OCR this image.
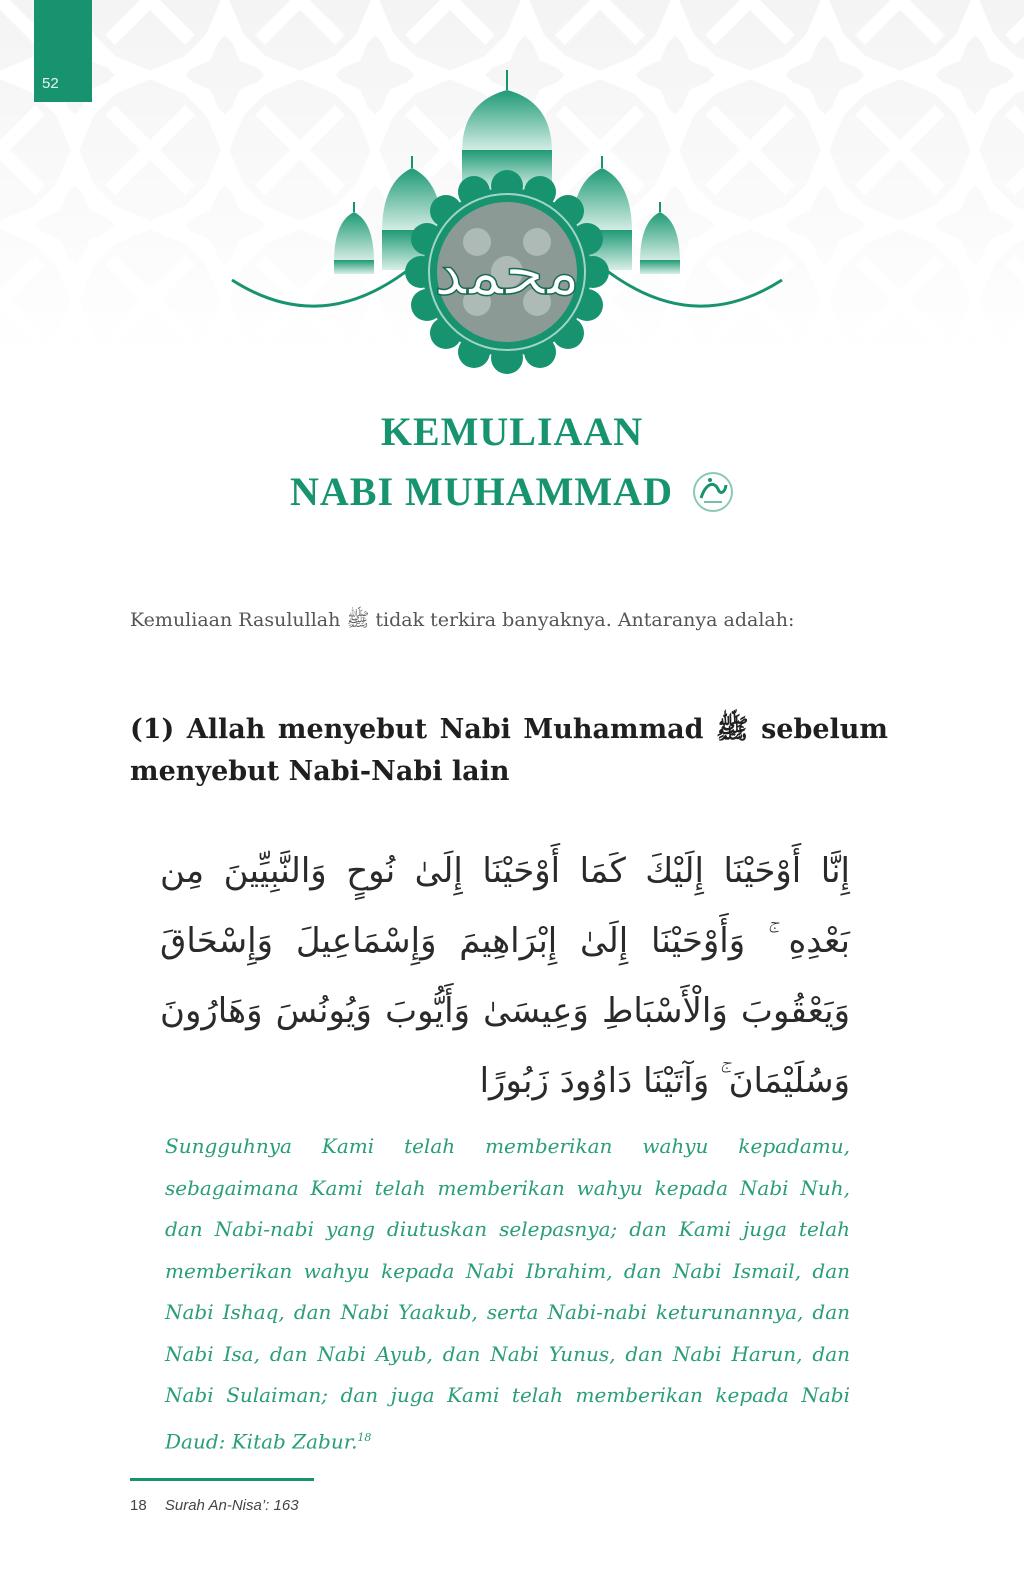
52
محمد
KEMULIAAN
NABI MUHAMMAD

Kemuliaan Rasulullah ﷺ tidak terkira banyaknya. Antaranya adalah:

(1) Allah menyebut Nabi Muhammad ﷺ sebelum menyebut Nabi-Nabi lain

إِنَّا أَوْحَيْنَا إِلَيْكَ كَمَا أَوْحَيْنَا إِلَىٰ نُوحٍ وَالنَّبِيِّينَ مِن بَعْدِهِ ۚ وَأَوْحَيْنَا إِلَىٰ إِبْرَاهِيمَ وَإِسْمَاعِيلَ وَإِسْحَاقَ وَيَعْقُوبَ وَالْأَسْبَاطِ وَعِيسَىٰ وَأَيُّوبَ وَيُونُسَ وَهَارُونَ وَسُلَيْمَانَ ۚ وَآتَيْنَا دَاوُودَ زَبُورًا

Sungguhnya Kami telah memberikan wahyu kepadamu, sebagaimana Kami telah memberikan wahyu kepada Nabi Nuh, dan Nabi-nabi yang diutuskan selepasnya; dan Kami juga telah memberikan wahyu kepada Nabi Ibrahim, dan Nabi Ismail, dan Nabi Ishaq, dan Nabi Yaakub, serta Nabi-nabi keturunannya, dan Nabi Isa, dan Nabi Ayub, dan Nabi Yunus, dan Nabi Harun, dan Nabi Sulaiman; dan juga Kami telah memberikan kepada Nabi Daud: Kitab Zabur.$^{18}$

18 Surah An-Nisa’: 163
